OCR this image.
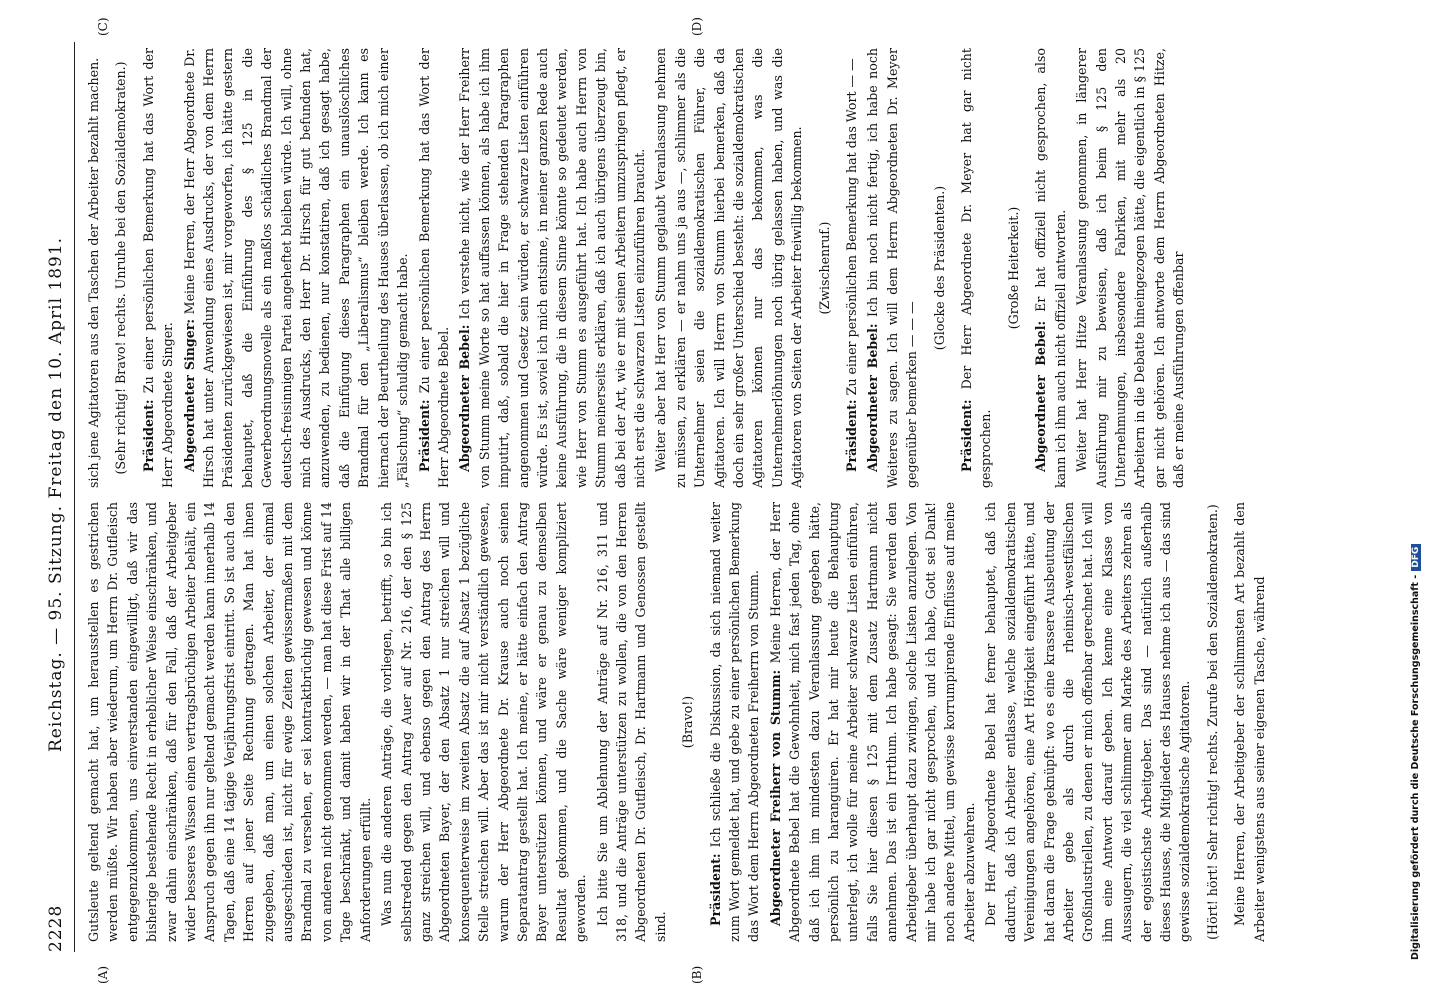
2228
Reichstag. — 95. Sitzung. Freitag den 10. April 1891.
(A)	(B)
(C)	(D)

Gutsleute geltend gemacht hat, um herausstellen es gestrichen werden müßte. Wir haben aber wiederum, um Herrn Dr. Gutfleisch entgegenzukommen, uns einverstanden eingewilligt, daß wir das bisherige bestehende Recht in erheblicher Weise einschränken, und zwar dahin einschränken, daß für den Fall, daß der Arbeitgeber wider besseres Wissen einen vertragsbrüchigen Arbeiter behält, ein Anspruch gegen ihn nur geltend gemacht werden kann innerhalb 14 Tagen, daß eine 14 tägige Verjährungsfrist eintritt. So ist auch den Herren auf jener Seite Rechnung getragen. Man hat ihnen zugegeben, daß man, um einen solchen Arbeiter, der einmal ausgeschieden ist, nicht für ewige Zeiten gewissermaßen mit dem Brandmal zu versehen, er sei kontraktbrüchig gewesen und könne von anderen nicht genommen werden, — man hat diese Frist auf 14 Tage beschränkt, und damit haben wir in der That alle billigen Anforderungen erfüllt. Was nun die anderen Anträge, die vorliegen, betrifft, so bin ich selbstredend gegen den Antrag Auer auf Nr. 216, der den § 125 ganz streichen will, und ebenso gegen den Antrag des Herrn Abgeordneten Bayer, der den Absatz 1 nur streichen will und konsequenterweise im zweiten Absatz die auf Absatz 1 bezügliche Stelle streichen will. Aber das ist mir nicht verständlich gewesen, warum der Herr Abgeordnete Dr. Krause auch noch seinen Separatantrag gestellt hat. Ich meine, er hätte einfach den Antrag Bayer unterstützen können, und wäre er genau zu demselben Resultat gekommen, und die Sache wäre weniger kompliziert geworden. Ich bitte Sie um Ablehnung der Anträge auf Nr. 216, 311 und 318, und die Anträge unterstützen zu wollen, die von den Herren Abgeordneten Dr. Gutfleisch, Dr. Hartmann und Genossen gestellt sind.

(Bravo!)

Präsident: Ich schließe die Diskussion, da sich niemand weiter zum Wort gemeldet hat, und gebe zu einer persönlichen Bemerkung das Wort dem Herrn Abgeordneten Freiherrn von Stumm. Abgeordneter Freiherr von Stumm: Meine Herren, der Herr Abgeordnete Bebel hat die Gewohnheit, mich fast jeden Tag, ohne daß ich ihm im mindesten dazu Veranlassung gegeben hätte, persönlich zu haranguiren. Er hat mir heute die Behauptung unterlegt, ich wolle für meine Arbeiter schwarze Listen einführen, falls Sie hier diesen § 125 mit dem Zusatz Hartmann nicht annehmen. Das ist ein Irrthum. Ich habe gesagt: Sie werden den Arbeitgeber überhaupt dazu zwingen, solche Listen anzulegen. Von mir habe ich gar nicht gesprochen, und ich habe, Gott sei Dank! noch andere Mittel, um gewisse korrumpirende Einflüsse auf meine Arbeiter abzuwehren. Der Herr Abgeordnete Bebel hat ferner behauptet, daß ich dadurch, daß ich Arbeiter entlasse, welche sozialdemokratischen Vereinigungen angehören, eine Art Hörigkeit eingeführt hätte, und hat daran die Frage geknüpft: wo es eine krassere Ausbeutung der Arbeiter gebe als durch die rheinisch-westfälischen Großindustriellen, zu denen er mich offenbar gerechnet hat. Ich will ihm eine Antwort darauf geben. Ich kenne eine Klasse von Aussaugern, die viel schlimmer am Marke des Arbeiters zehren als der egoistischste Arbeitgeber. Das sind — natürlich außerhalb dieses Hauses, die Mitglieder des Hauses nehme ich aus — das sind gewisse sozialdemokratische Agitatoren. (Hört! hört! Sehr richtig! rechts. Zurufe bei den Sozialdemokraten.) Meine Herren, der Arbeitgeber der schlimmsten Art bezahlt den Arbeiter wenigstens aus seiner eigenen Tasche, während

sich jene Agitatoren aus den Taschen der Arbeiter bezahlt machen. (Sehr richtig! Bravo! rechts. Unruhe bei den Sozialdemokraten.) Präsident: Zu einer persönlichen Bemerkung hat das Wort der Herr Abgeordnete Singer. Abgeordneter Singer: Meine Herren, der Herr Abgeordnete Dr. Hirsch hat unter Anwendung eines Ausdrucks, der von dem Herrn Präsidenten zurückgewiesen ist, mir vorgeworfen, ich hätte gestern behauptet, daß die Einführung des § 125 in die Gewerbeordnungsnovelle als ein maßlos schädliches Brandmal der deutsch-freisinnigen Partei angeheftet bleiben würde. Ich will, ohne mich des Ausdrucks, den Herr Dr. Hirsch für gut befunden hat, anzuwenden, zu bedienen, nur konstatiren, daß ich gesagt habe, daß die Einfügung dieses Paragraphen ein unauslöschliches Brandmal für den „Liberalismus“ bleiben werde. Ich kann es hiernach der Beurtheilung des Hauses überlassen, ob ich mich einer „Fälschung“ schuldig gemacht habe. Präsident: Zu einer persönlichen Bemerkung hat das Wort der Herr Abgeordnete Bebel. Abgeordneter Bebel: Ich verstehe nicht, wie der Herr Freiherr von Stumm meine Worte so hat auffassen können, als habe ich ihm imputirt, daß, sobald die hier in Frage stehenden Paragraphen angenommen und Gesetz sein würden, er schwarze Listen einführen würde. Es ist, soviel ich mich entsinne, in meiner ganzen Rede auch keine Ausführung, die in diesem Sinne könnte so gedeutet werden, wie Herr von Stumm es ausgeführt hat. Ich habe auch Herrn von Stumm meinerseits erklären, daß ich auch übrigens überzeugt bin, daß bei der Art, wie er mit seinen Arbeitern umzuspringen pflegt, er nicht erst die schwarzen Listen einzuführen braucht. Weiter aber hat Herr von Stumm geglaubt Veranlassung nehmen zu müssen, zu erklären — er nahm uns ja aus —, schlimmer als die Unternehmer seien die sozialdemokratischen Führer, die Agitatoren. Ich will Herrn von Stumm hierbei bemerken, daß da doch ein sehr großer Unterschied besteht: die sozialdemokratischen Agitatoren können nur das bekommen, was die Unternehmerlöhnungen noch übrig gelassen haben, und was die Agitatoren von Seiten der Arbeiter freiwillig bekommen. (Zwischenruf.)

Präsident: Zu einer persönlichen Bemerkung hat das Wort — —

Abgeordneter Bebel: Ich bin noch nicht fertig, ich habe noch Weiteres zu sagen. Ich will dem Herrn Abgeordneten Dr. Meyer gegenüber bemerken — — —

(Glocke des Präsidenten.)

Präsident: Der Herr Abgeordnete Dr. Meyer hat gar nicht gesprochen.

(Große Heiterkeit.)

Abgeordneter Bebel: Er hat offiziell nicht gesprochen, also kann ich ihm auch nicht offiziell antworten. Weiter hat Herr Hitze Veranlassung genommen, in längerer Ausführung mir zu beweisen, daß ich beim § 125 den Unternehmungen, insbesondere Fabriken, mit mehr als 20 Arbeitern in die Debatte hineingezogen hätte, die eigentlich in § 125 gar nicht gehören. Ich antworte dem Herrn Abgeordneten Hitze, daß er meine Ausführungen offenbar

Digitalisierung gefördert durch die Deutsche Forschungsgemeinschaft -DFG
